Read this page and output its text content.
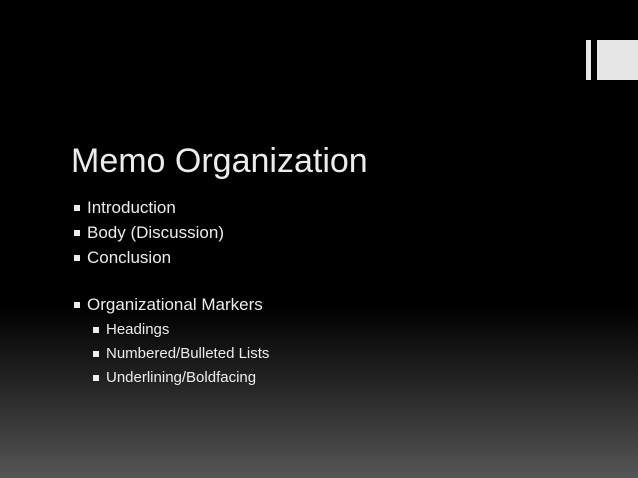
Memo Organization
Introduction
Body (Discussion)
Conclusion
Organizational Markers
Headings
Numbered/Bulleted Lists
Underlining/Boldfacing
